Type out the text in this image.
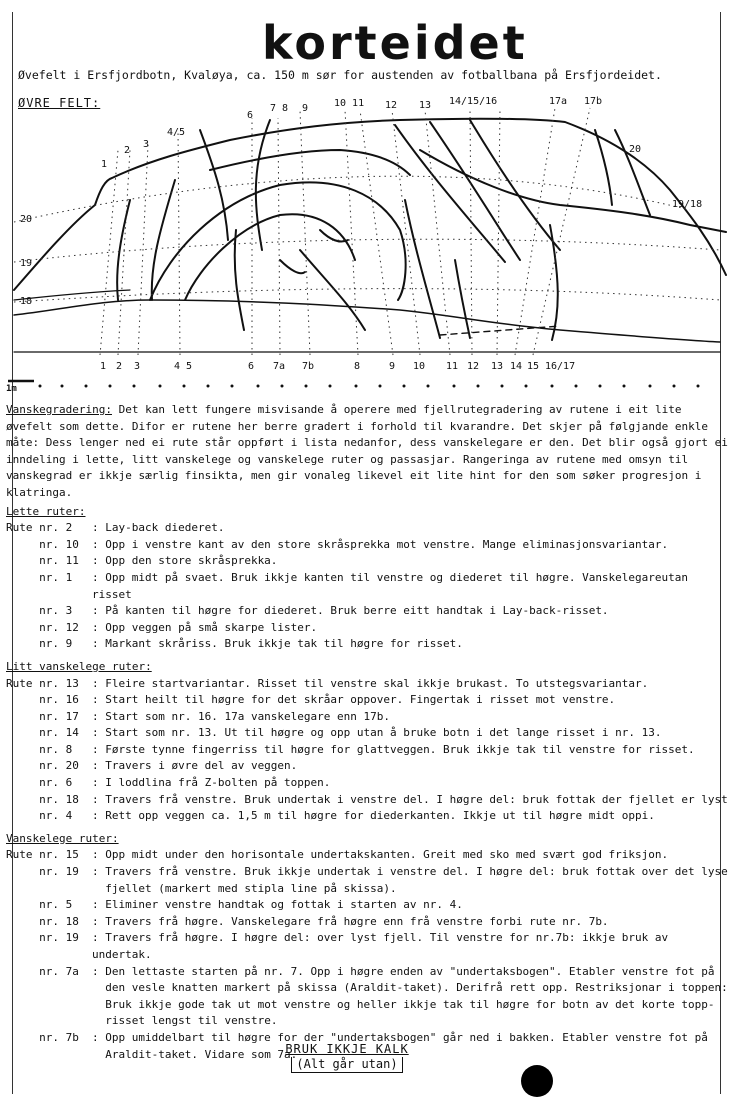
korteidet
Øvefelt i Ersfjordbotn, Kvaløya, ca. 150 m sør for austenden av fotballbana på Ersfjordeidet.
ØVRE FELT:
1
2
3
4/5
6
7 8 9	10 11 12 13 14/15/16	17a 17b
20
19/18
20
19
18
1 2 3	4 5	6 7a 7b	8	9 10 11 12 13 14 15 16/17
1m

Vanskegradering: Det kan lett fungere misvisande å operere med fjellrutegradering av rutene i eit lite øvefelt som dette. Difor er rutene her berre gradert i forhold til kvarandre. Det skjer på følgjande enkle måte: Dess lenger ned ei rute står oppført i lista nedanfor, dess vanskelegare er den. Det blir også gjort ei inndeling i lette, litt vanskelege og vanskelege ruter og passasjar. Rangeringa av rutene med omsyn til vanskegrad er ikkje særlig finsikta, men gir vonaleg likevel eit lite hint for den som søker progresjon i klatringa.

Lette ruter:
Rute nr. 2	: Lay-back diederet.
nr. 10	: Opp i venstre kant av den store skråsprekka mot venstre. Mange eliminasjonsvariantar.
nr. 11	: Opp den store skråsprekka.
nr. 1	: Opp midt på svaet. Bruk ikkje kanten til venstre og diederet til høgre. Vanskelegareutan risset
nr. 3	: På kanten til høgre for diederet. Bruk berre eitt handtak i Lay-back-risset.
nr. 12	: Opp veggen på små skarpe lister.
nr. 9	: Markant skråriss. Bruk ikkje tak til høgre for risset.
Litt vanskelege ruter:
Rute nr. 13	: Fleire startvariantar. Risset til venstre skal ikkje brukast. To utstegsvariantar.
nr. 16	: Start heilt til høgre for det skråar oppover. Fingertak i risset mot venstre.
nr. 17	: Start som nr. 16. 17a vanskelegare enn 17b.
nr. 14	: Start som nr. 13. Ut til høgre og opp utan å bruke botn i det lange risset i nr. 13.
nr. 8	: Første tynne fingerriss til høgre for glattveggen. Bruk ikkje tak til venstre for risset.
nr. 20	: Travers i øvre del av veggen.
nr. 6	: I loddlina frå Z-bolten på toppen.
nr. 18	: Travers frå venstre. Bruk undertak i venstre del. I høgre del: bruk fottak der fjellet er lyst
nr. 4	: Rett opp veggen ca. 1,5 m til høgre for diederkanten. Ikkje ut til høgre midt oppi.
Vanskelege ruter:
Rute nr. 15	: Opp midt under den horisontale undertakskanten. Greit med sko med svært god friksjon.
nr. 19	: Travers frå venstre. Bruk ikkje undertak i venstre del. I høgre del: bruk fottak over det lyse
fjellet (markert med stipla line på skissa).
nr. 5	: Eliminer venstre handtak og fottak i starten av nr. 4.
nr. 18	: Travers frå høgre. Vanskelegare frå høgre enn frå venstre forbi rute nr. 7b.
nr. 19	: Travers frå høgre. I høgre del: over lyst fjell. Til venstre for nr.7b: ikkje bruk av undertak.
nr. 7a	: Den lettaste starten på nr. 7. Opp i høgre enden av "undertaksbogen". Etabler venstre fot på
den vesle knatten markert på skissa (Araldit-taket). Derifrå rett opp. Restriksjonar i toppen:
Bruk ikkje gode tak ut mot venstre og heller ikkje tak til høgre for botn av det korte topp-
risset lengst til venstre.
nr. 7b	: Opp umiddelbart til høgre for der "undertaksbogen" går ned i bakken. Etabler venstre fot på
Araldit-taket. Vidare som 7a.
BRUK IKKJE KALK
(Alt går utan)
